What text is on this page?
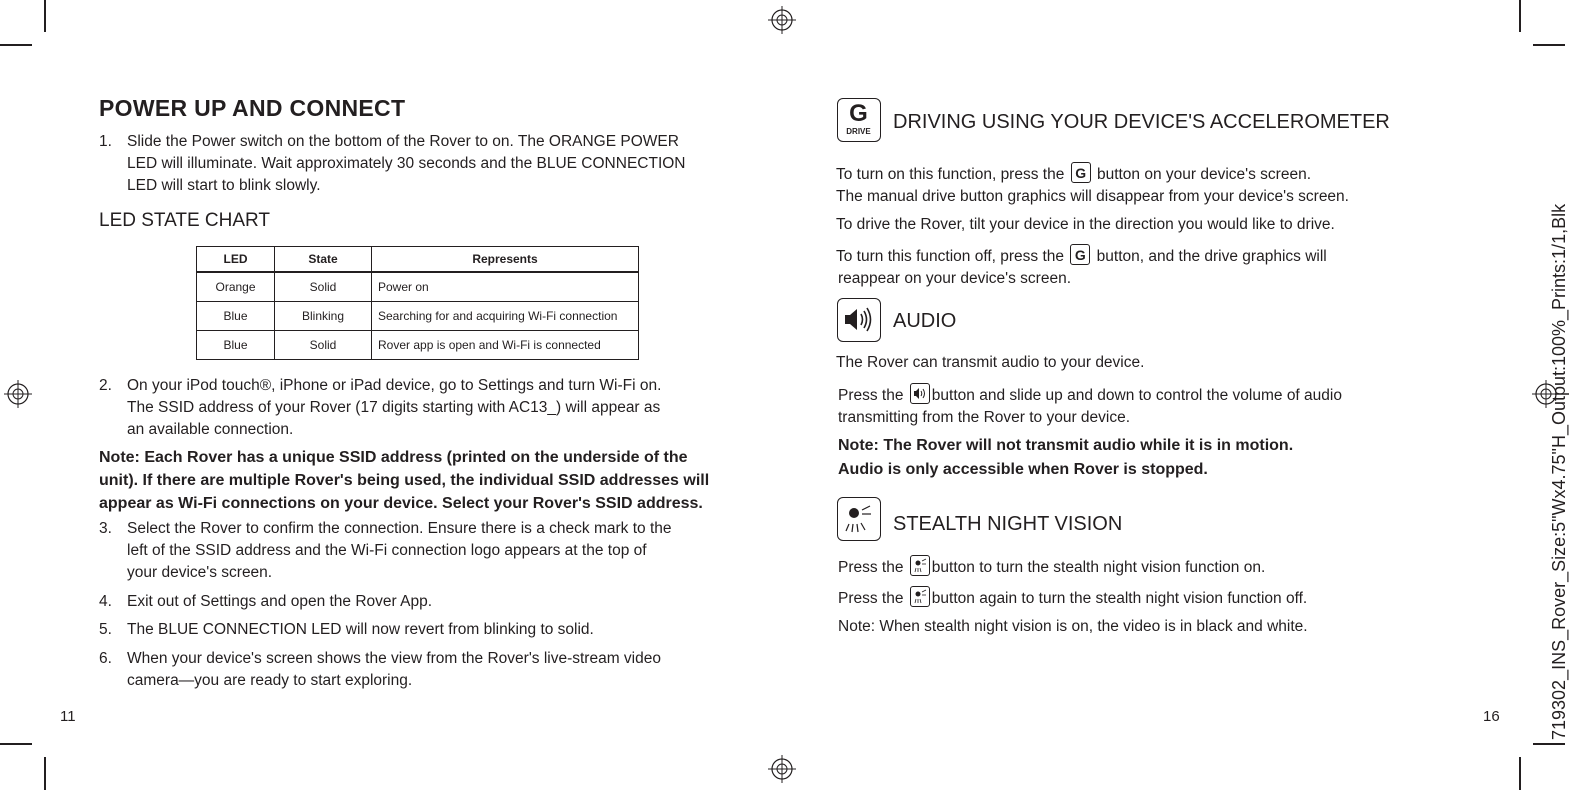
POWER UP AND CONNECT
1. Slide the Power switch on the bottom of the Rover to on. The ORANGE POWER
LED will illuminate. Wait approximately 30 seconds and the BLUE CONNECTION
LED will start to blink slowly.
LED STATE CHART
LED	State	Represents
Orange	Solid	Power on
Blue	Blinking	Searching for and acquiring Wi-Fi connection
Blue	Solid	Rover app is open and Wi-Fi is connected
2. On your iPod touch®, iPhone or iPad device, go to Settings and turn Wi-Fi on.
The SSID address of your Rover (17 digits starting with AC13_) will appear as
an available connection.
Note: Each Rover has a unique SSID address (printed on the underside of the
unit). If there are multiple Rover's being used, the individual SSID addresses will
appear as Wi-Fi connections on your device. Select your Rover's SSID address.
3. Select the Rover to confirm the connection. Ensure there is a check mark to the
left of the SSID address and the Wi-Fi connection logo appears at the top of
your device's screen.
4. Exit out of Settings and open the Rover App.
5. The BLUE CONNECTION LED will now revert from blinking to solid.
6. When your device's screen shows the view from the Rover's live-stream video
camera—you are ready to start exploring.
11
G
DRIVE	DRIVING USING YOUR DEVICE'S ACCELEROMETER
To turn on this function, press the G button on your device's screen.
The manual drive button graphics will disappear from your device's screen.
To drive the Rover, tilt your device in the direction you would like to drive.
To turn this function off, press the G button, and the drive graphics will
reappear on your device's screen.
AUDIO
The Rover can transmit audio to your device.
Press the button and slide up and down to control the volume of audio
transmitting from the Rover to your device.
Note: The Rover will not transmit audio while it is in motion.
Audio is only accessible when Rover is stopped.
STEALTH NIGHT VISION
Press the button to turn the stealth night vision function on.
Press the button again to turn the stealth night vision function off.
Note: When stealth night vision is on, the video is in black and white.
16	719302_INS_Rover_Size:5"Wx4.75"H_Output:100%_Prints:1/1,Blk
